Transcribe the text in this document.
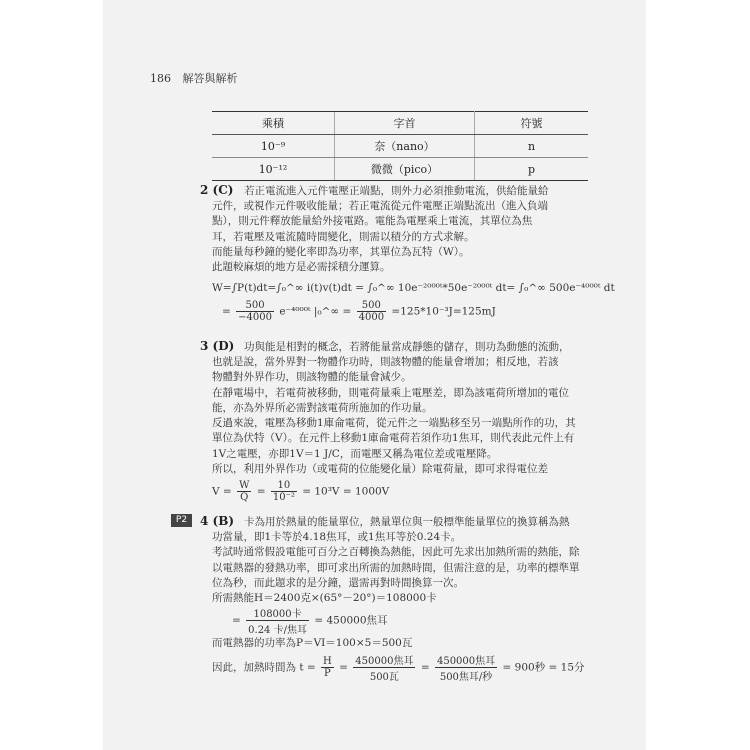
186 解答與解析
乘積	字首	符號
10⁻⁹	奈（nano）	n
10⁻¹²	微微（pico）	p
2 (C) 若正電流進入元件電壓正端點，則外力必須推動電流，供給能量給
元件，或視作元件吸收能量；若正電流從元件電壓正端點流出（進入負端
點），則元件釋放能量給外接電路。電能為電壓乘上電流，其單位為焦
耳，若電壓及電流隨時間變化，則需以積分的方式求解。
而能量每秒鐘的變化率即為功率，其單位為瓦特（W）。
此題較麻煩的地方是必需採積分運算。
W=∫P(t)dt=∫₀^∞ i(t)v(t)dt = ∫₀^∞ 10e⁻²⁰⁰⁰ᵗ*50e⁻²⁰⁰⁰ᵗ dt= ∫₀^∞ 500e⁻⁴⁰⁰⁰ᵗ dt
= $\frac{500}{-4000}$ e⁻⁴⁰⁰⁰ᵗ |₀^∞ = $\frac{500}{4000} =125*10^{-3}J=125mJ$
3 (D) 功與能是相對的概念，若將能量當成靜態的儲存，則功為動態的流動，
也就是說，當外界對一物體作功時，則該物體的能量會增加；相反地，若該
物體對外界作功，則該物體的能量會減少。
在靜電場中，若電荷被移動，則電荷量乘上電壓差，即為該電荷所增加的電位
能，亦為外界所必需對該電荷所施加的作功量。
反過來說，電壓為移動1庫侖電荷，從元件之一端點移至另一端點所作的功，其
單位為伏特（V）。在元件上移動1庫侖電荷若須作功1焦耳，則代表此元件上有
1V之電壓，亦即1V＝1 J/C，而電壓又稱為電位差或電壓降。
所以，利用外界作功（或電荷的位能變化量）除電荷量，即可求得電位差
$V = \frac{W}{Q} = \frac{10}{\text{10⁻²}} = 10^3V = 1000V$
P2	4 (B) 卡為用於熱量的能量單位，熱量單位與一般標準能量單位的換算稱為熱
功當量，即1卡等於4.18焦耳，或1焦耳等於0.24卡。
考試時通常假設電能可百分之百轉換為熱能，因此可先求出加熱所需的熱能，除
以電熱器的發熱功率，即可求出所需的加熱時間，但需注意的是，功率的標準單
位為秒，而此題求的是分鐘，還需再對時間換算一次。
所需熱能H＝2400克×(65°－20°)＝108000卡
= $\frac{\text{108000卡}}{\text{0.24 卡/焦耳}} = 450000$焦耳
而電熱器的功率為P＝VI＝100×5＝500瓦
因此，加熱時間為 $t = \frac{H}{P} = \frac{\text{450000焦耳}}{\text{500瓦}} = \frac{\text{450000焦耳}}{\text{500焦耳/秒}} = 900$秒 = 15分
